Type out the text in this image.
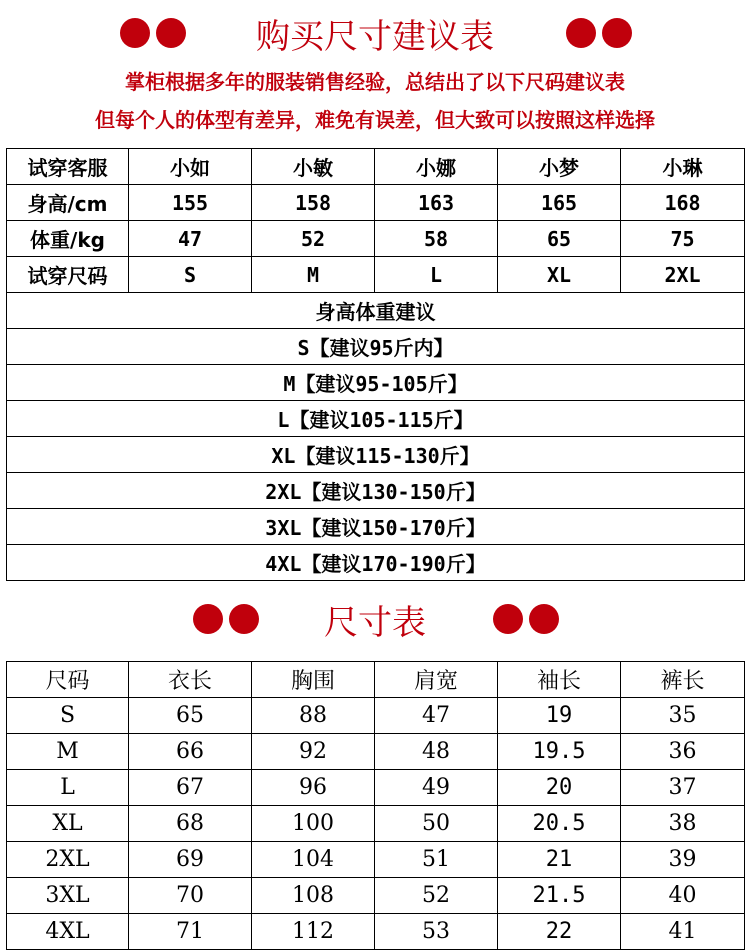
购买尺寸建议表
掌柜根据多年的服装销售经验，总结出了以下尺码建议表
但每个人的体型有差异，难免有误差，但大致可以按照这样选择
试穿客服	小如	小敏	小娜	小梦	小琳
身高/cm	155	158	163	165	168
体重/kg	47	52	58	65	75
试穿尺码	S	M	L	XL	2XL
身高体重建议					
S【建议95斤内】					
M【建议95-105斤】					
L【建议105-115斤】					
XL【建议115-130斤】					
2XL【建议130-150斤】					
3XL【建议150-170斤】					
4XL【建议170-190斤】					
尺寸表
尺码	衣长	胸围	肩宽	袖长	裤长
S	65	88	47	19	35
M	66	92	48	19.5	36
L	67	96	49	20	37
XL	68	100	50	20.5	38
2XL	69	104	51	21	39
3XL	70	108	52	21.5	40
4XL	71	112	53	22	41
